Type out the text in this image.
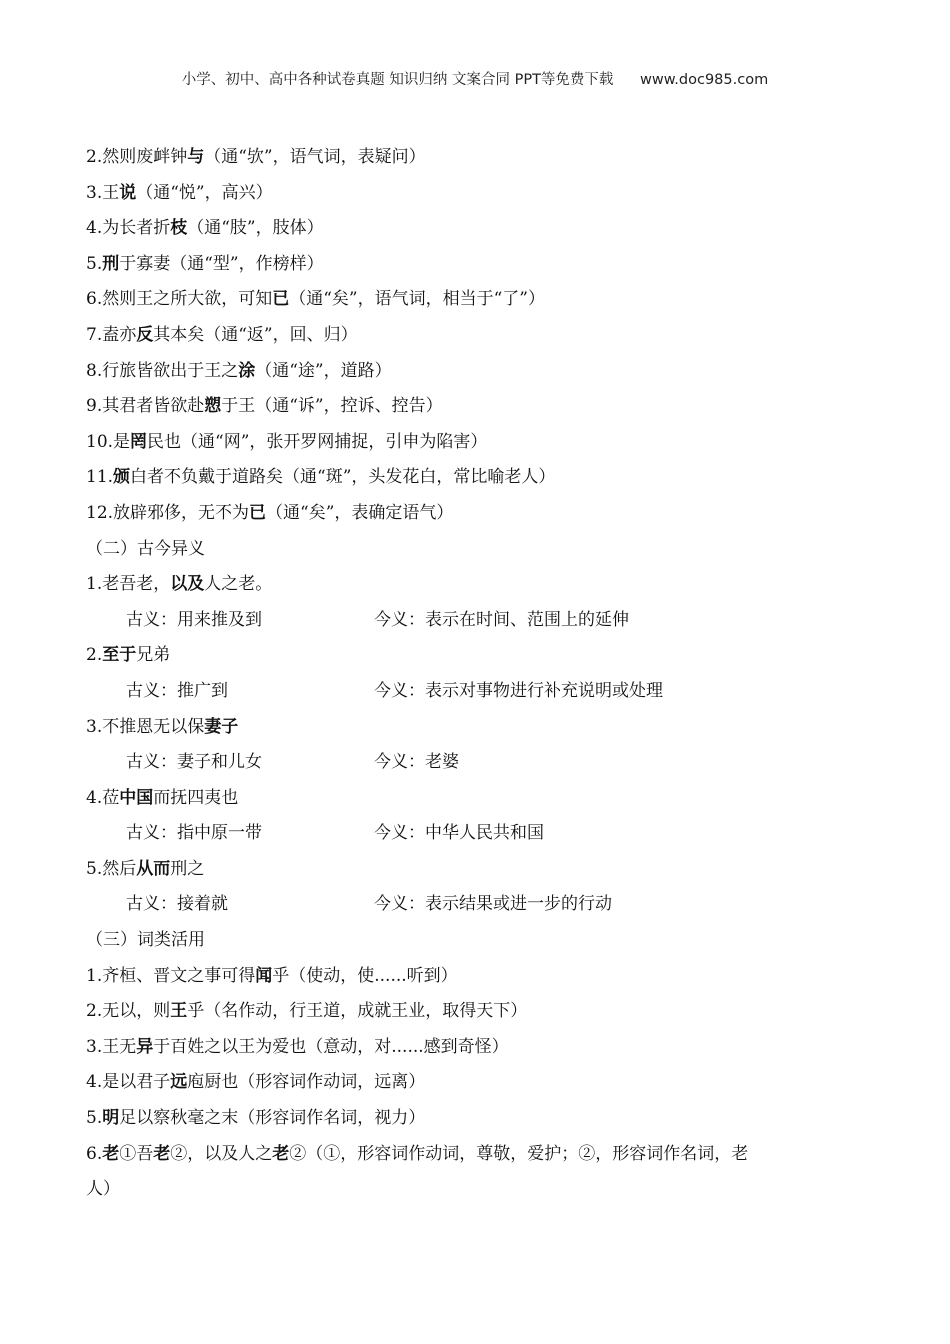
小学、初中、高中各种试卷真题 知识归纳 文案合同 PPT等免费下载 www.doc985.com
2.然则废衅钟与（通“欤”，语气词，表疑问）
3.王说（通“悦”，高兴）
4.为长者折枝（通“肢”，肢体）
5.刑于寡妻（通“型”，作榜样）
6.然则王之所大欲，可知已（通“矣”，语气词，相当于“了”）
7.盍亦反其本矣（通“返”，回、归）
8.行旅皆欲出于王之涂（通“途”，道路）
9.其君者皆欲赴愬于王（通“诉”，控诉、控告）
10.是罔民也（通“网”，张开罗网捕捉，引申为陷害）
11.颁白者不负戴于道路矣（通“斑”，头发花白，常比喻老人）
12.放辟邪侈，无不为已（通“矣”，表确定语气）
（二）古今异义
1.老吾老，以及人之老。
古义：用来推及到	今义：表示在时间、范围上的延伸
2.至于兄弟
古义：推广到	今义：表示对事物进行补充说明或处理
3.不推恩无以保妻子
古义：妻子和儿女	今义：老婆
4.莅中国而抚四夷也
古义：指中原一带	今义：中华人民共和国
5.然后从而刑之
古义：接着就	今义：表示结果或进一步的行动
（三）词类活用
1.齐桓、晋文之事可得闻乎（使动，使......听到）
2.无以，则王乎（名作动，行王道，成就王业，取得天下）
3.王无异于百姓之以王为爱也（意动，对......感到奇怪）
4.是以君子远庖厨也（形容词作动词，远离）
5.明足以察秋毫之末（形容词作名词，视力）
6.老①吾老②，以及人之老②（①，形容词作动词，尊敬，爱护；②，形容词作名词，老
人）
